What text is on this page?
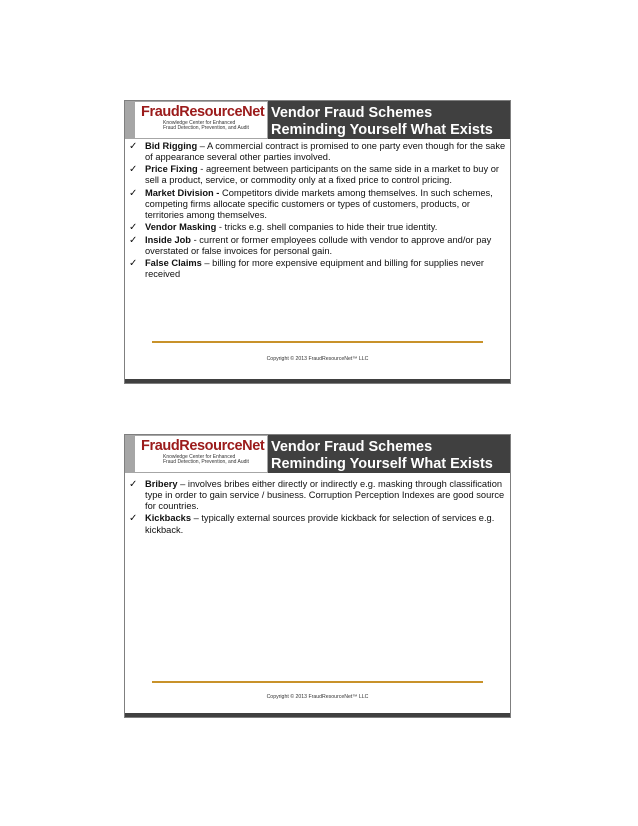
FraudResourceNet
Knowledge Center for Enhanced
Fraud Detection, Prevention, and Audit
Vendor Fraud Schemes
Reminding Yourself What Exists
✓ Bid Rigging – A commercial contract is promised to one party even though for the sake of appearance several other parties involved.
✓ Price Fixing - agreement between participants on the same side in a market to buy or sell a product, service, or commodity only at a fixed price to control pricing.
✓ Market Division - Competitors divide markets among themselves. In such schemes, competing firms allocate specific customers or types of customers, products, or territories among themselves.
✓ Vendor Masking - tricks e.g. shell companies to hide their true identity.
✓ Inside Job - current or former employees collude with vendor to approve and/or pay overstated or false invoices for personal gain.
✓ False Claims – billing for more expensive equipment and billing for supplies never received
Copyright © 2013 FraudResourceNet™ LLC
FraudResourceNet
Knowledge Center for Enhanced
Fraud Detection, Prevention, and Audit
Vendor Fraud Schemes
Reminding Yourself What Exists
✓ Bribery – involves bribes either directly or indirectly e.g. masking through classification type in order to gain service / business. Corruption Perception Indexes are good source for countries.
✓ Kickbacks – typically external sources provide kickback for selection of services e.g. kickback.
Copyright © 2013 FraudResourceNet™ LLC
